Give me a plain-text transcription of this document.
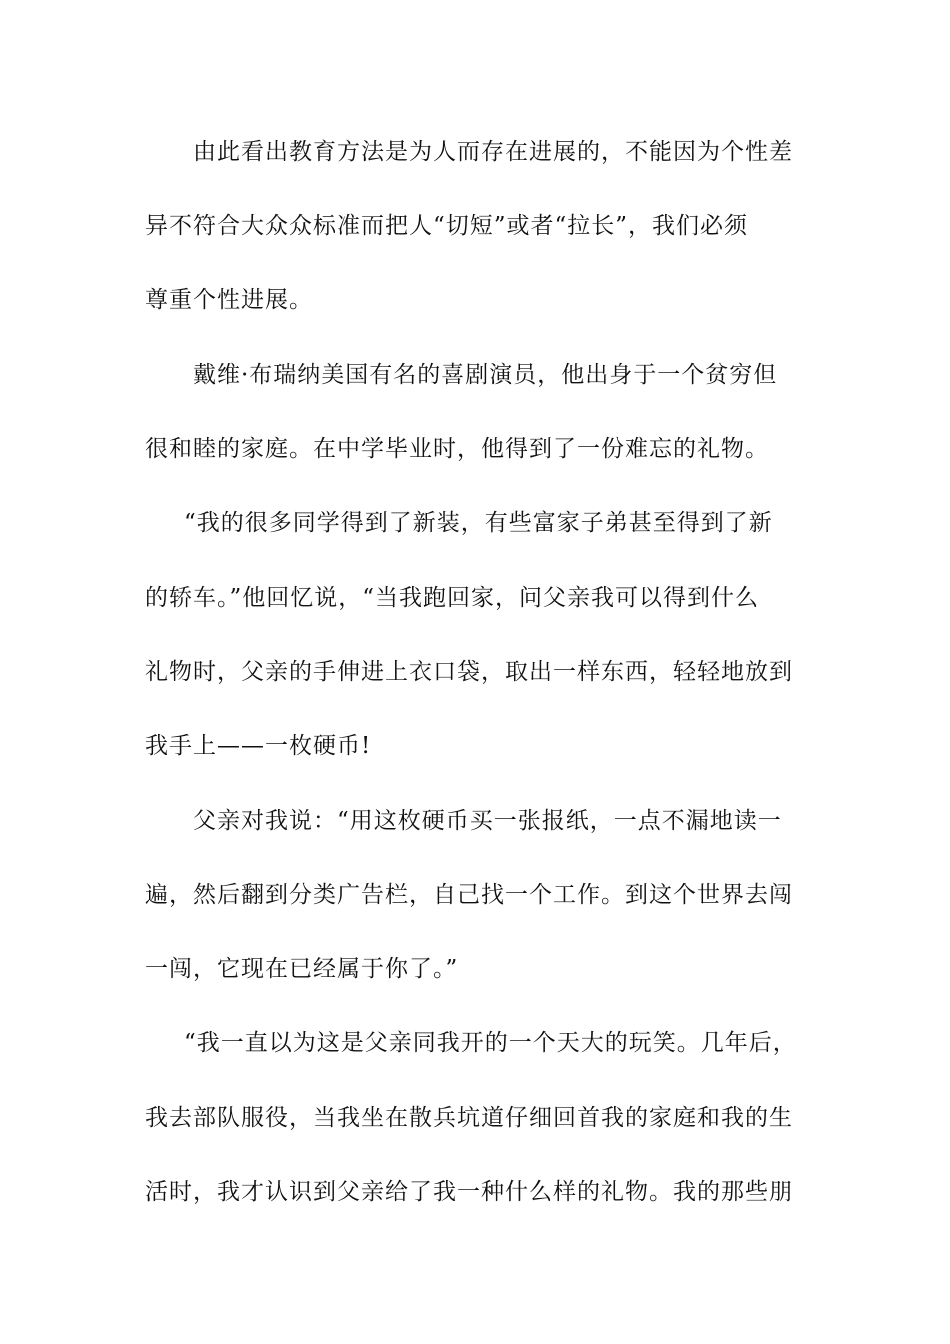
由此看出教育方法是为人而存在进展的，不能因为个性差
异不符合大众众标准而把人“切短”或者“拉长”，我们必须
尊重个性进展。
戴维·布瑞纳美国有名的喜剧演员，他出身于一个贫穷但
很和睦的家庭。在中学毕业时，他得到了一份难忘的礼物。
“我的很多同学得到了新装，有些富家子弟甚至得到了新
的轿车。”他回忆说，“当我跑回家，问父亲我可以得到什么
礼物时，父亲的手伸进上衣口袋，取出一样东西，轻轻地放到
我手上——一枚硬币!
父亲对我说：“用这枚硬币买一张报纸，一点不漏地读一
遍，然后翻到分类广告栏，自己找一个工作。到这个世界去闯
一闯，它现在已经属于你了。”
“我一直以为这是父亲同我开的一个天大的玩笑。几年后，
我去部队服役，当我坐在散兵坑道仔细回首我的家庭和我的生
活时，我才认识到父亲给了我一种什么样的礼物。我的那些朋
